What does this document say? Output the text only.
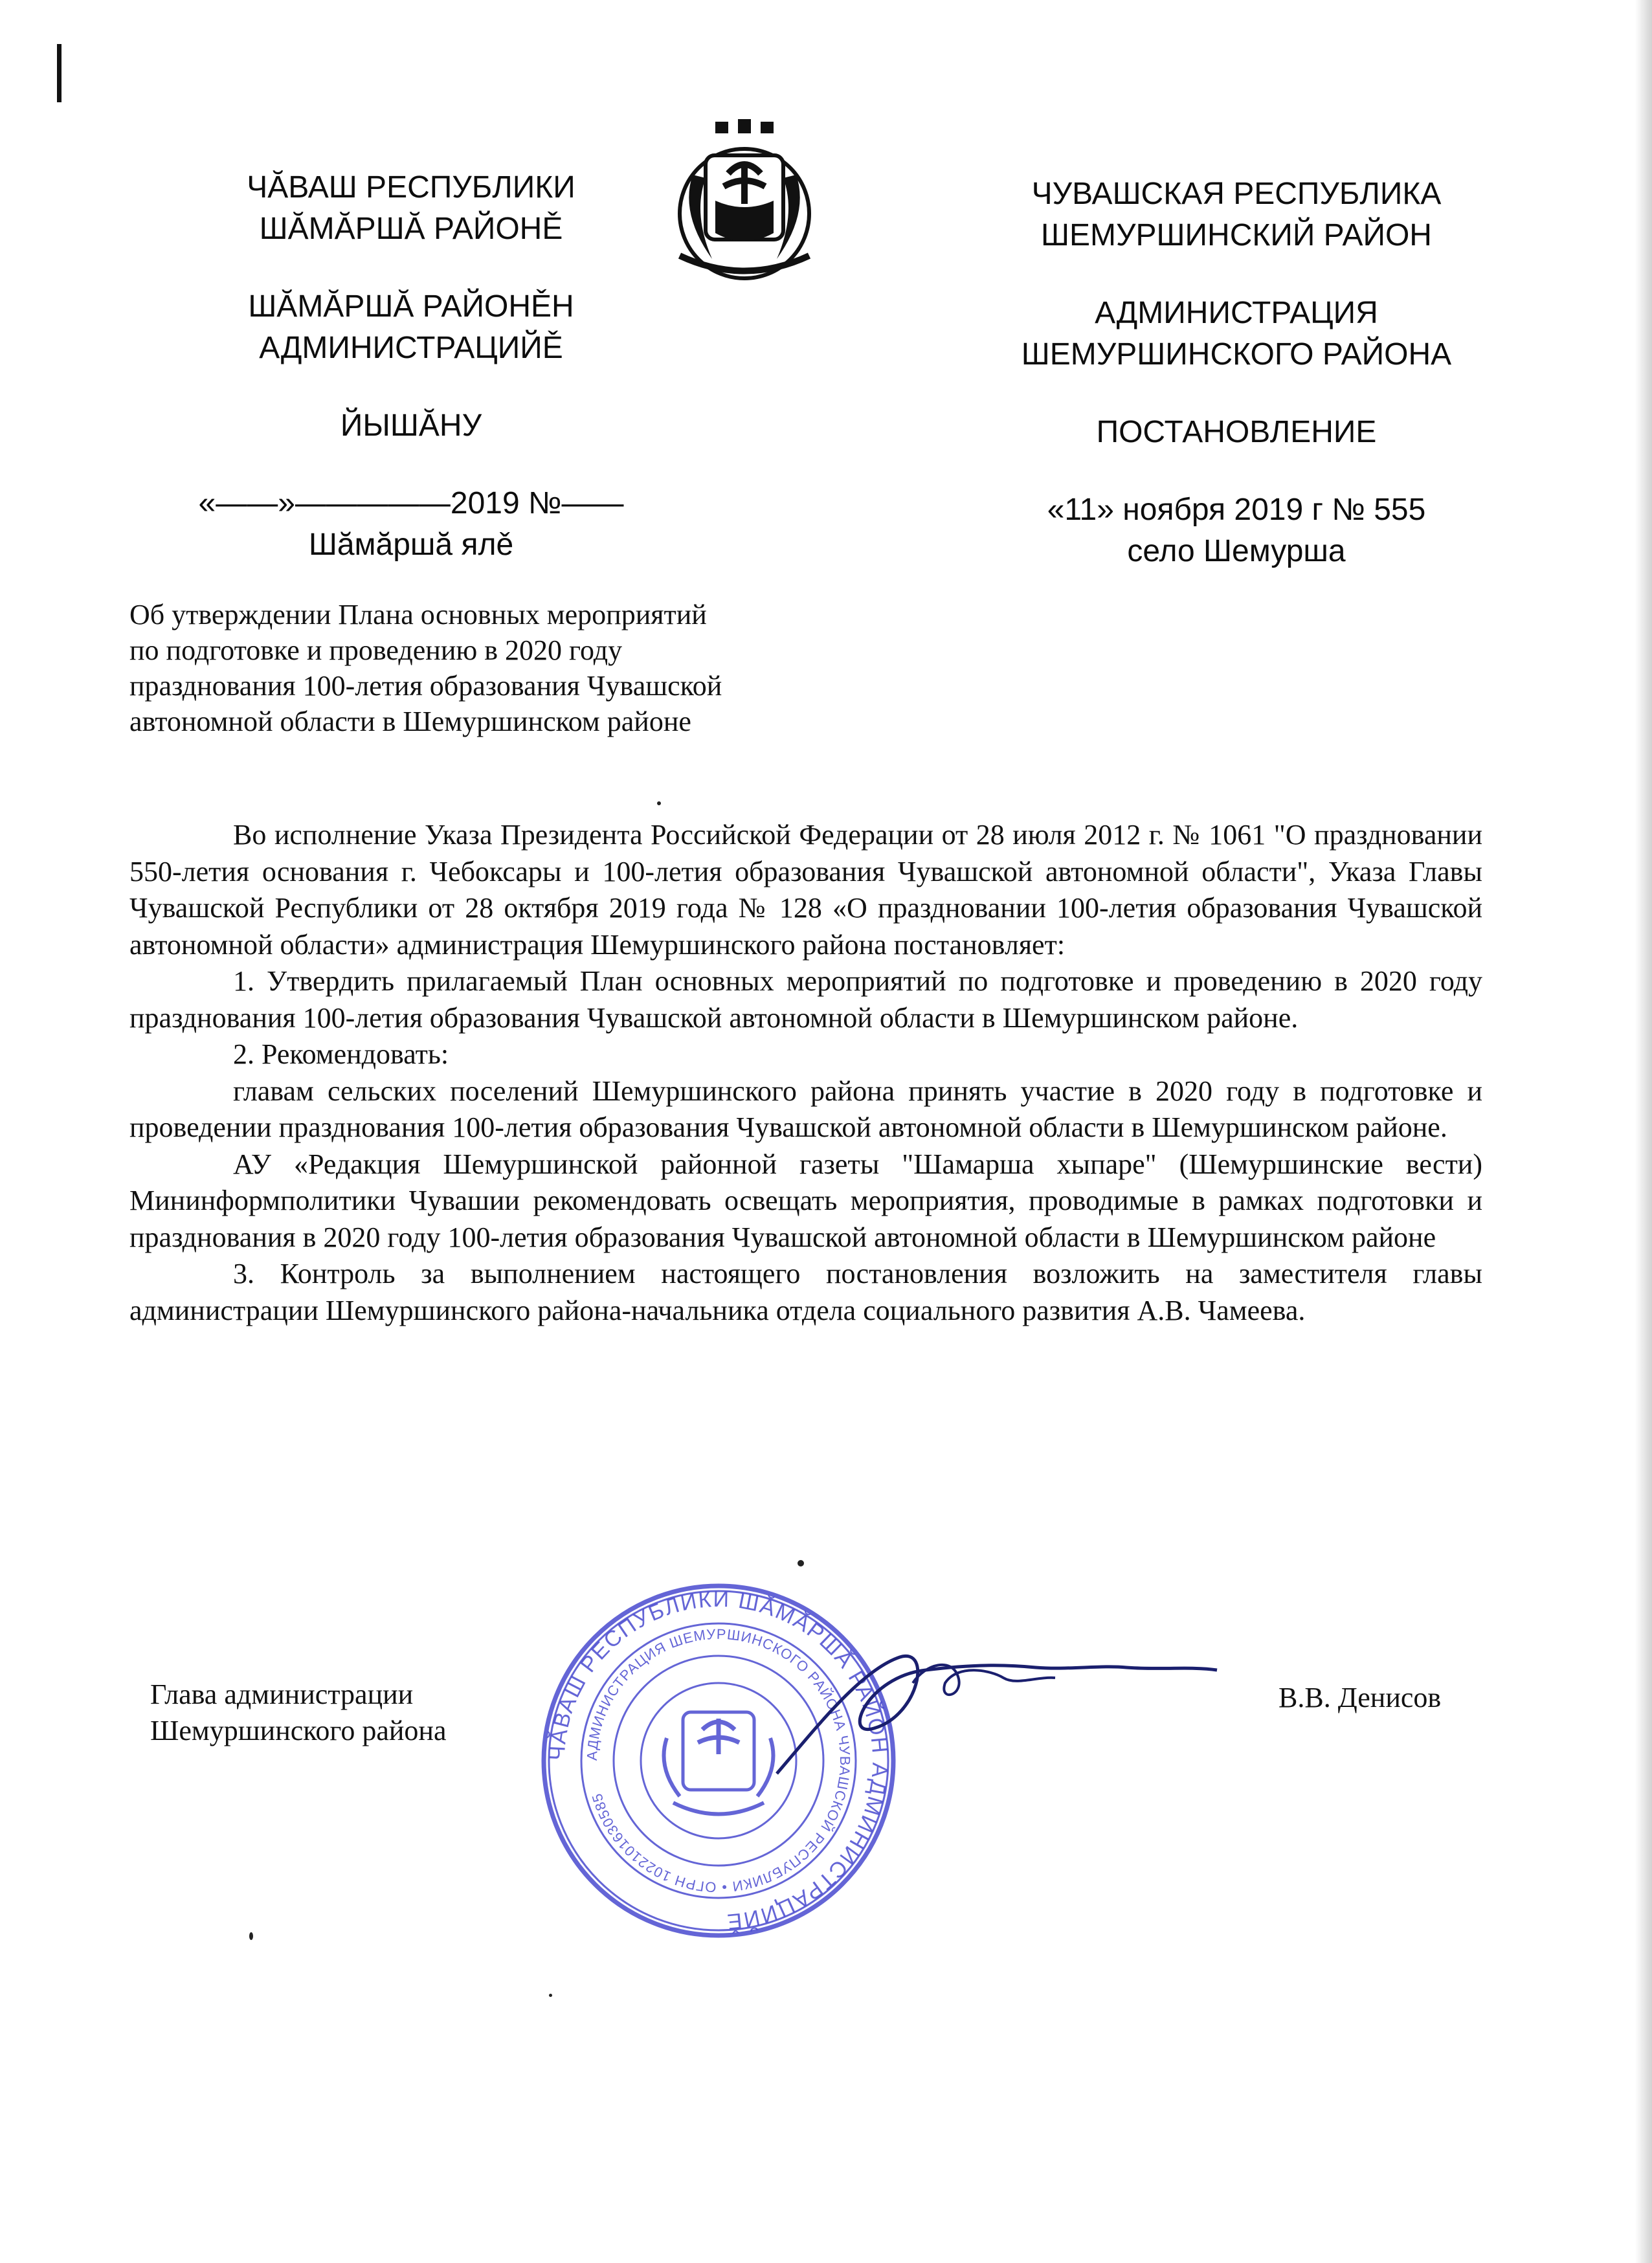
ЧĂВАШ РЕСПУБЛИКИ
ШĂМĂРШĂ РАЙОНĚ
ШĂМĂРШĂ РАЙОНĚН
АДМИНИСТРАЦИЙĚ
ЙЫШĂНУ
«——»—————2019 №——
Шăмăршă ялě
ЧУВАШСКАЯ РЕСПУБЛИКА
ШЕМУРШИНСКИЙ РАЙОН
АДМИНИСТРАЦИЯ
ШЕМУРШИНСКОГО РАЙОНА
ПОСТАНОВЛЕНИЕ
«11» ноября 2019 г № 555
село Шемурша
Об утверждении Плана основных мероприятий
по подготовке и проведению в 2020 году
празднования 100-летия образования Чувашской
автономной области в Шемуршинском районе

Во исполнение Указа Президента Российской Федерации от 28 июля 2012 г. № 1061 "О праздновании 550-летия основания г. Чебоксары и 100-летия образования Чувашской автономной области", Указа Главы Чувашской Республики от 28 октября 2019 года № 128 «О праздновании 100-летия образования Чувашской автономной области» администрация Шемуршинского района постановляет:

1. Утвердить прилагаемый План основных мероприятий по подготовке и проведению в 2020 году празднования 100-летия образования Чувашской автономной области в Шемуршинском районе.

2. Рекомендовать:

главам сельских поселений Шемуршинского района принять участие в 2020 году в подготовке и проведении празднования 100-летия образования Чувашской автономной области в Шемуршинском районе.

АУ «Редакция Шемуршинской районной газеты "Шамарша хыпаре" (Шемуршинские вести) Мининформполитики Чувашии рекомендовать освещать мероприятия, проводимые в рамках подготовки и празднования в 2020 году 100-летия образования Чувашской автономной области в Шемуршинском районе

3. Контроль за выполнением настоящего постановления возложить на заместителя главы администрации Шемуршинского района-начальника отдела социального развития А.В. Чамеева.

ЧĂВАШ РЕСПУБЛИКИ ШĂМĂРШĂ РАЙОН АДМИНИСТРАЦИЙĚ
АДМИНИСТРАЦИЯ ШЕМУРШИНСКОГО РАЙОНА ЧУВАШСКОЙ РЕСПУБЛИКИ • ОГРН 1022101630585
Глава администрации
Шемуршинского района
В.В. Денисов
